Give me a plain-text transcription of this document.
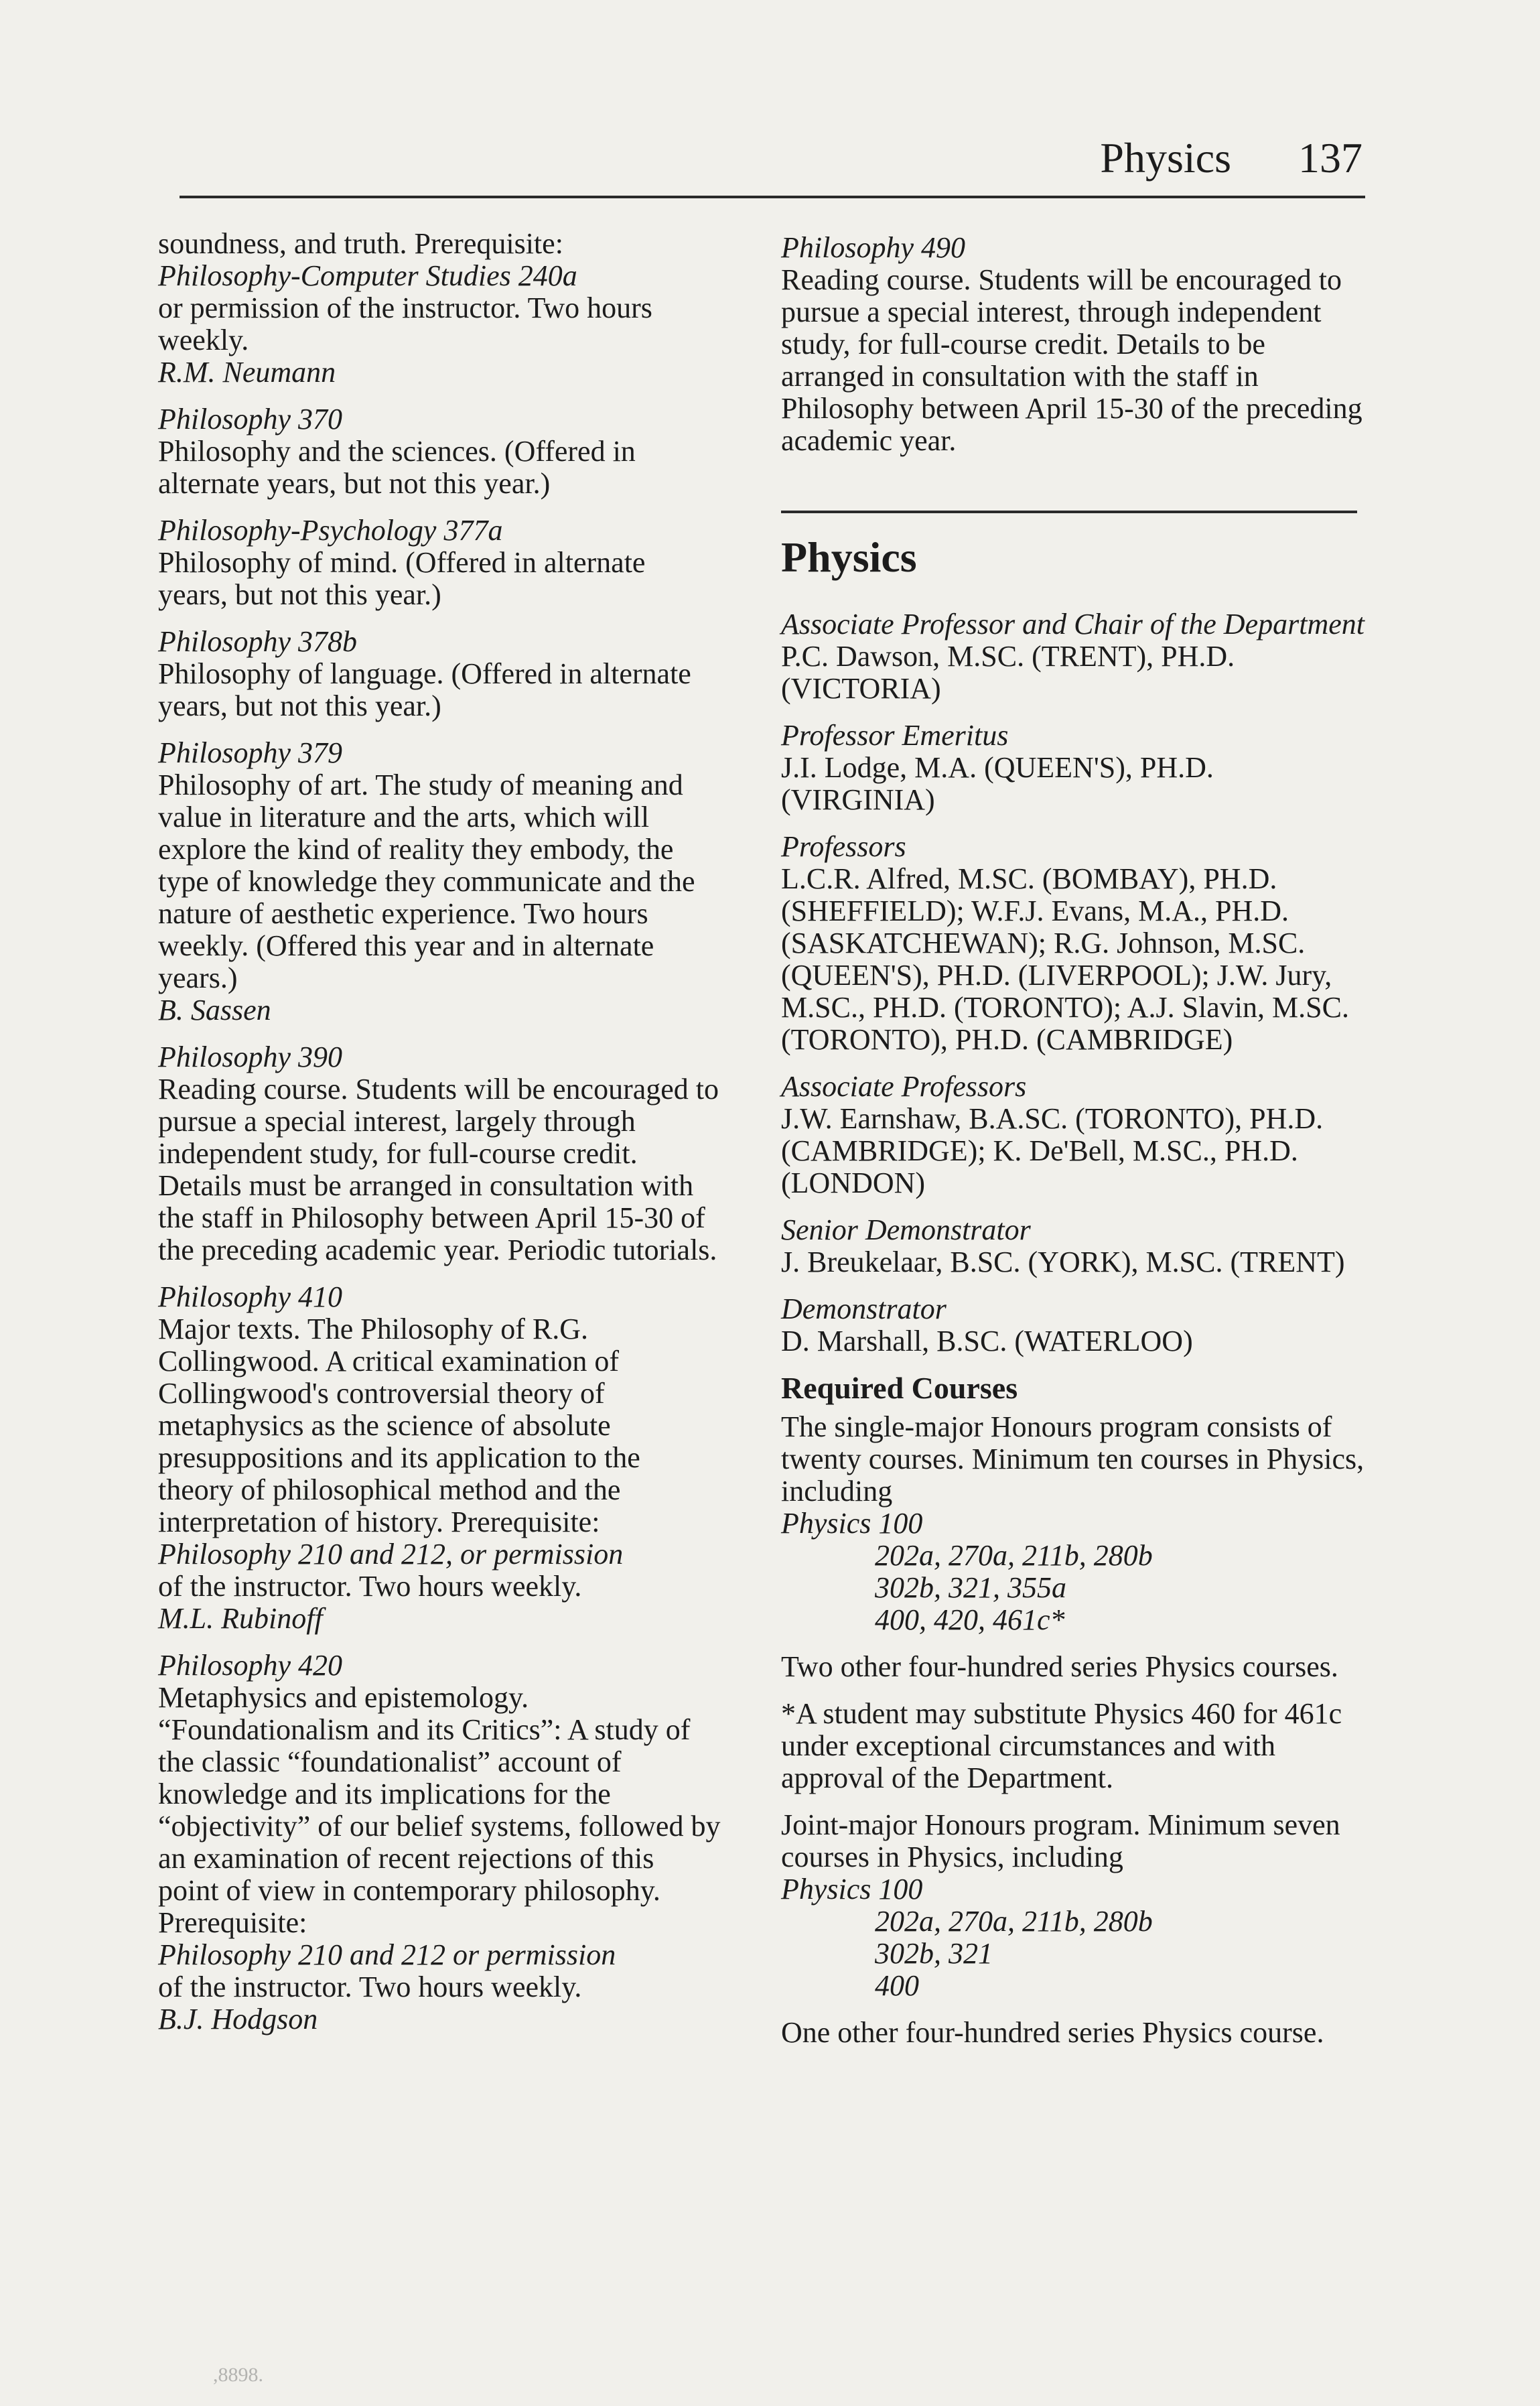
Physics 137
soundness, and truth. Prerequisite:
Philosophy-Computer Studies 240a
or permission of the instructor. Two hours weekly.
R.M. Neumann
Philosophy 370
Philosophy and the sciences. (Offered in alternate years, but not this year.)
Philosophy-Psychology 377a
Philosophy of mind. (Offered in alternate years, but not this year.)
Philosophy 378b
Philosophy of language. (Offered in alternate years, but not this year.)
Philosophy 379
Philosophy of art. The study of meaning and value in literature and the arts, which will explore the kind of reality they embody, the type of knowledge they communicate and the nature of aesthetic experience. Two hours weekly. (Offered this year and in alternate years.)
B. Sassen
Philosophy 390
Reading course. Students will be encouraged to pursue a special interest, largely through independent study, for full-course credit. Details must be arranged in consultation with the staff in Philosophy between April 15-30 of the preceding academic year. Periodic tutorials.
Philosophy 410
Major texts. The Philosophy of R.G. Collingwood. A critical examination of Collingwood's controversial theory of metaphysics as the science of absolute presuppositions and its application to the theory of philosophical method and the interpretation of history. Prerequisite:
Philosophy 210 and 212, or permission
of the instructor. Two hours weekly.
M.L. Rubinoff
Philosophy 420
Metaphysics and epistemology. “Foundationalism and its Critics”: A study of the classic “foundationalist” account of knowledge and its implications for the “objectivity” of our belief systems, followed by an examination of recent rejections of this point of view in contemporary philosophy. Prerequisite:
Philosophy 210 and 212 or permission
of the instructor. Two hours weekly.
B.J. Hodgson
Philosophy 490
Reading course. Students will be encouraged to pursue a special interest, through independent study, for full-course credit. Details to be arranged in consultation with the staff in Philosophy between April 15-30 of the preceding academic year.
Physics
Associate Professor and Chair of the Department
P.C. Dawson, M.SC. (TRENT), PH.D. (VICTORIA)
Professor Emeritus
J.I. Lodge, M.A. (QUEEN'S), PH.D. (VIRGINIA)
Professors
L.C.R. Alfred, M.SC. (BOMBAY), PH.D. (SHEFFIELD); W.F.J. Evans, M.A., PH.D. (SASKATCHEWAN); R.G. Johnson, M.SC. (QUEEN'S), PH.D. (LIVERPOOL); J.W. Jury, M.SC., PH.D. (TORONTO); A.J. Slavin, M.SC. (TORONTO), PH.D. (CAMBRIDGE)
Associate Professors
J.W. Earnshaw, B.A.SC. (TORONTO), PH.D. (CAMBRIDGE); K. De'Bell, M.SC., PH.D. (LONDON)
Senior Demonstrator
J. Breukelaar, B.SC. (YORK), M.SC. (TRENT)
Demonstrator
D. Marshall, B.SC. (WATERLOO)
Required Courses
The single-major Honours program consists of twenty courses. Minimum ten courses in Physics, including
Physics 100
202a, 270a, 211b, 280b
302b, 321, 355a
400, 420, 461c*
Two other four-hundred series Physics courses.
*A student may substitute Physics 460 for 461c under exceptional circumstances and with approval of the Department.
Joint-major Honours program. Minimum seven courses in Physics, including
Physics 100
202a, 270a, 211b, 280b
302b, 321
400
One other four-hundred series Physics course.
,8898.
